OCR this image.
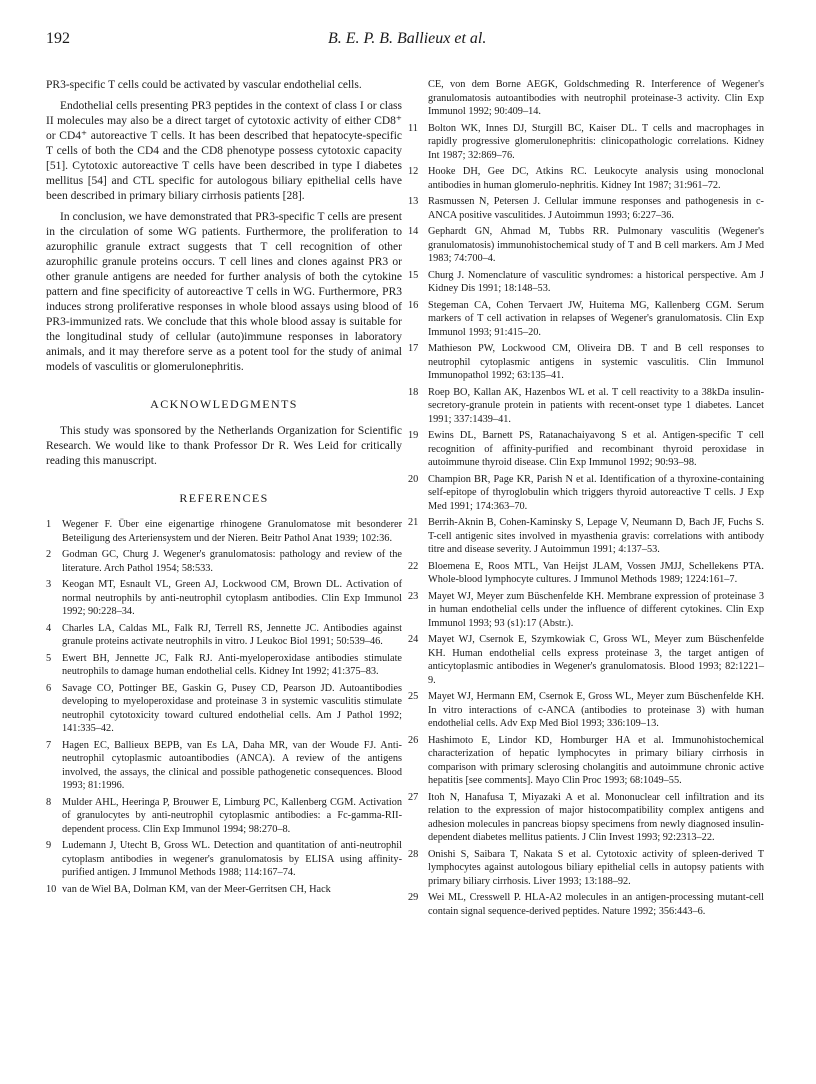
192	B. E. P. B. Ballieux et al.

PR3-specific T cells could be activated by vascular endothelial cells.

Endothelial cells presenting PR3 peptides in the context of class I or class II molecules may also be a direct target of cytotoxic activity of either CD8⁺ or CD4⁺ autoreactive T cells. It has been described that hepatocyte-specific T cells of both the CD4 and the CD8 phenotype possess cytotoxic capacity [51]. Cytotoxic autoreactive T cells have been described in type I diabetes mellitus [54] and CTL specific for autologous biliary epithelial cells have been described in primary biliary cirrhosis patients [28].

In conclusion, we have demonstrated that PR3-specific T cells are present in the circulation of some WG patients. Furthermore, the proliferation to azurophilic granule extract suggests that T cell recognition of other azurophilic granule proteins occurs. T cell lines and clones against PR3 or other granule antigens are needed for further analysis of both the cytokine pattern and fine specificity of autoreactive T cells in WG. Furthermore, PR3 induces strong proliferative responses in whole blood assays using blood of PR3-immunized rats. We conclude that this whole blood assay is suitable for the longitudinal study of cellular (auto)immune responses in laboratory animals, and it may therefore serve as a potent tool for the study of animal models of vasculitis or glomerulonephritis.

ACKNOWLEDGMENTS

This study was sponsored by the Netherlands Organization for Scientific Research. We would like to thank Professor Dr R. Wes Leid for critically reading this manuscript.

REFERENCES
1	Wegener F. Über eine eigenartige rhinogene Granulomatose mit besonderer Beteiligung des Arteriensystem und der Nieren. Beitr Pathol Anat 1939; 102:36.
2	Godman GC, Churg J. Wegener's granulomatosis: pathology and review of the literature. Arch Pathol 1954; 58:533.
3	Keogan MT, Esnault VL, Green AJ, Lockwood CM, Brown DL. Activation of normal neutrophils by anti-neutrophil cytoplasm antibodies. Clin Exp Immunol 1992; 90:228–34.
4	Charles LA, Caldas ML, Falk RJ, Terrell RS, Jennette JC. Antibodies against granule proteins activate neutrophils in vitro. J Leukoc Biol 1991; 50:539–46.
5	Ewert BH, Jennette JC, Falk RJ. Anti-myeloperoxidase antibodies stimulate neutrophils to damage human endothelial cells. Kidney Int 1992; 41:375–83.
6	Savage CO, Pottinger BE, Gaskin G, Pusey CD, Pearson JD. Autoantibodies developing to myeloperoxidase and proteinase 3 in systemic vasculitis stimulate neutrophil cytotoxicity toward cultured endothelial cells. Am J Pathol 1992; 141:335–42.
7	Hagen EC, Ballieux BEPB, van Es LA, Daha MR, van der Woude FJ. Anti-neutrophil cytoplasmic autoantibodies (ANCA). A review of the antigens involved, the assays, the clinical and possible pathogenetic consequences. Blood 1993; 81:1996.
8	Mulder AHL, Heeringa P, Brouwer E, Limburg PC, Kallenberg CGM. Activation of granulocytes by anti-neutrophil cytoplasmic antibodies: a Fc-gamma-RII-dependent process. Clin Exp Immunol 1994; 98:270–8.
9	Ludemann J, Utecht B, Gross WL. Detection and quantitation of anti-neutrophil cytoplasm antibodies in wegener's granulomatosis by ELISA using affinity-purified antigen. J Immunol Methods 1988; 114:167–74.
10 van de Wiel BA, Dolman KM, van der Meer-Gerritsen CH, Hack

CE, von dem Borne AEGK, Goldschmeding R. Interference of Wegener's granulomatosis autoantibodies with neutrophil proteinase-3 activity. Clin Exp Immunol 1992; 90:409–14.

11 Bolton WK, Innes DJ, Sturgill BC, Kaiser DL. T cells and macrophages in rapidly progressive glomerulonephritis: clinicopathologic correlations. Kidney Int 1987; 32:869–76.
12 Hooke DH, Gee DC, Atkins RC. Leukocyte analysis using monoclonal antibodies in human glomerulo-nephritis. Kidney Int 1987; 31:961–72.
13 Rasmussen N, Petersen J. Cellular immune responses and pathogenesis in c-ANCA positive vasculitides. J Autoimmun 1993; 6:227–36.
14 Gephardt GN, Ahmad M, Tubbs RR. Pulmonary vasculitis (Wegener's granulomatosis) immunohistochemical study of T and B cell markers. Am J Med 1983; 74:700–4.
15 Churg J. Nomenclature of vasculitic syndromes: a historical perspective. Am J Kidney Dis 1991; 18:148–53.
16 Stegeman CA, Cohen Tervaert JW, Huitema MG, Kallenberg CGM. Serum markers of T cell activation in relapses of Wegener's granulomatosis. Clin Exp Immunol 1993; 91:415–20.
17 Mathieson PW, Lockwood CM, Oliveira DB. T and B cell responses to neutrophil cytoplasmic antigens in systemic vasculitis. Clin Immunol Immunopathol 1992; 63:135–41.
18 Roep BO, Kallan AK, Hazenbos WL et al. T cell reactivity to a 38kDa insulin-secretory-granule protein in patients with recent-onset type 1 diabetes. Lancet 1991; 337:1439–41.
19 Ewins DL, Barnett PS, Ratanachaiyavong S et al. Antigen-specific T cell recognition of affinity-purified and recombinant thyroid peroxidase in autoimmune thyroid disease. Clin Exp Immunol 1992; 90:93–98.
20 Champion BR, Page KR, Parish N et al. Identification of a thyroxine-containing self-epitope of thyroglobulin which triggers thyroid autoreactive T cells. J Exp Med 1991; 174:363–70.
21 Berrih-Aknin B, Cohen-Kaminsky S, Lepage V, Neumann D, Bach JF, Fuchs S. T-cell antigenic sites involved in myasthenia gravis: correlations with antibody titre and disease severity. J Autoimmun 1991; 4:137–53.
22 Bloemena E, Roos MTL, Van Heijst JLAM, Vossen JMJJ, Schellekens PTA. Whole-blood lymphocyte cultures. J Immunol Methods 1989; 1224:161–7.
23 Mayet WJ, Meyer zum Büschenfelde KH. Membrane expression of proteinase 3 in human endothelial cells under the influence of different cytokines. Clin Exp Immunol 1993; 93 (s1):17 (Abstr.).
24 Mayet WJ, Csernok E, Szymkowiak C, Gross WL, Meyer zum Büschenfelde KH. Human endothelial cells express proteinase 3, the target antigen of anticytoplasmic antibodies in Wegener's granulomatosis. Blood 1993; 82:1221–9.
25 Mayet WJ, Hermann EM, Csernok E, Gross WL, Meyer zum Büschenfelde KH. In vitro interactions of c-ANCA (antibodies to proteinase 3) with human endothelial cells. Adv Exp Med Biol 1993; 336:109–13.
26 Hashimoto E, Lindor KD, Homburger HA et al. Immunohistochemical characterization of hepatic lymphocytes in primary biliary cirrhosis in comparison with primary sclerosing cholangitis and autoimmune chronic active hepatitis [see comments]. Mayo Clin Proc 1993; 68:1049–55.
27 Itoh N, Hanafusa T, Miyazaki A et al. Mononuclear cell infiltration and its relation to the expression of major histocompatibility complex antigens and adhesion molecules in pancreas biopsy specimens from newly diagnosed insulin-dependent diabetes mellitus patients. J Clin Invest 1993; 92:2313–22.
28 Onishi S, Saibara T, Nakata S et al. Cytotoxic activity of spleen-derived T lymphocytes against autologous biliary epithelial cells in autopsy patients with primary biliary cirrhosis. Liver 1993; 13:188–92.
29 Wei ML, Cresswell P. HLA-A2 molecules in an antigen-processing mutant-cell contain signal sequence-derived peptides. Nature 1992; 356:443–6.
